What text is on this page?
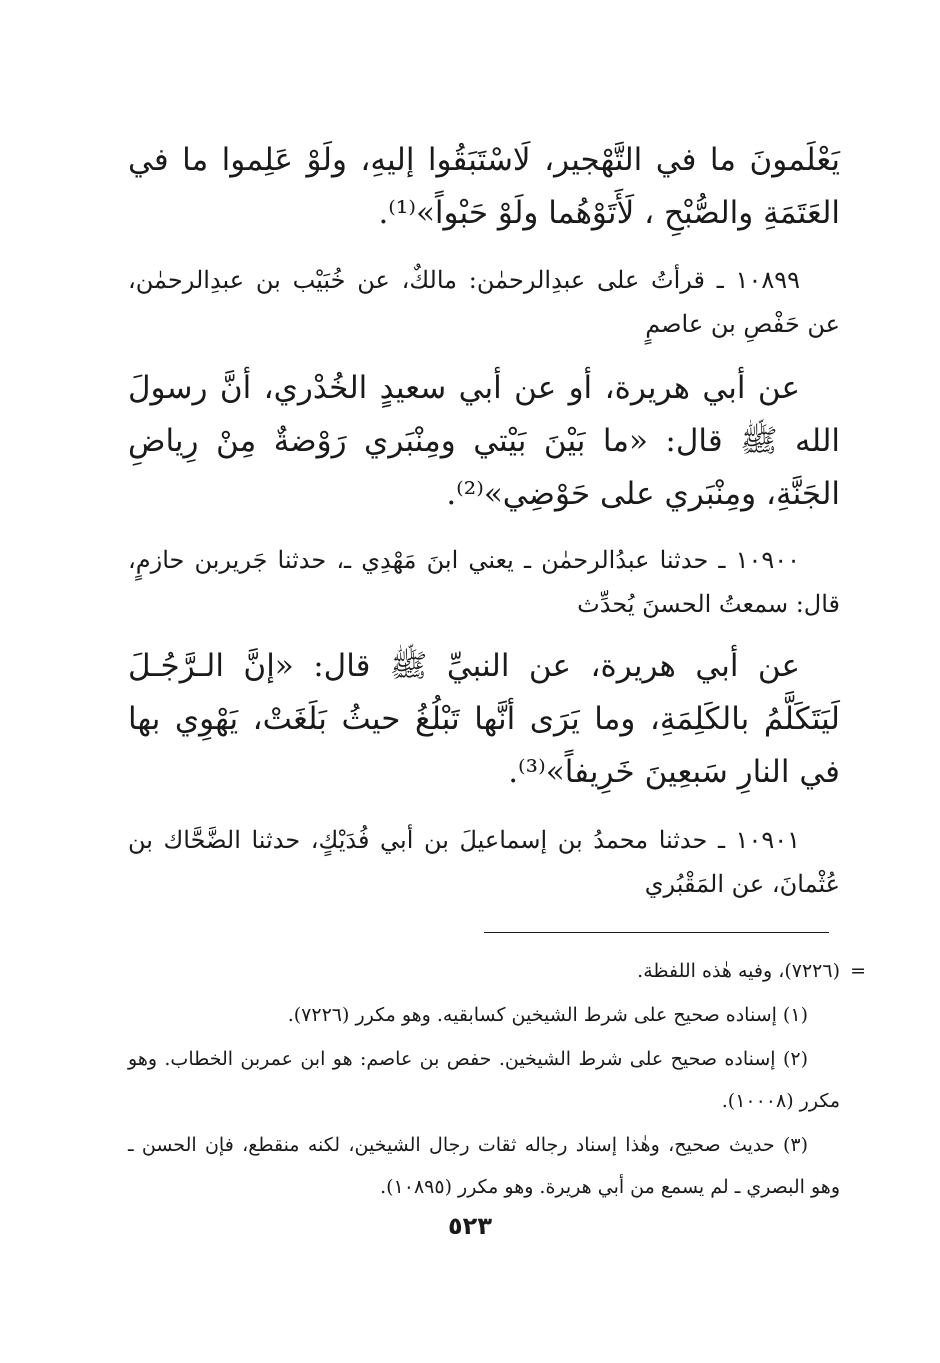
يَعْلَمونَ ما في التَّهْجير، لَاسْتَبَقُوا إليهِ، ولَوْ عَلِموا ما في العَتَمَةِ والصُّبْحِ ، لَأَتَوْهُما ولَوْ حَبْواً»⁽¹⁾.
١٠٨٩٩ ـ قرأتُ على عبدِالرحمٰن: مالكٌ، عن خُبَيْب بن عبدِالرحمٰن، عن حَفْصِ بن عاصمٍ
عن أبي هريرة، أو عن أبي سعيدٍ الخُدْري، أنَّ رسولَ الله ﷺ قال: «ما بَيْنَ بَيْتي ومِنْبَري رَوْضةٌ مِنْ رِياضِ الجَنَّةِ، ومِنْبَري على حَوْضِي»⁽²⁾.
١٠٩٠٠ ـ حدثنا عبدُالرحمٰن ـ يعني ابنَ مَهْدِي ـ، حدثنا جَريربن حازمٍ، قال: سمعتُ الحسنَ يُحدِّث
عن أبي هريرة، عن النبيِّ ﷺ قال: «إنَّ الـرَّجُـلَ لَيَتَكَلَّمُ بالكَلِمَةِ، وما يَرَى أنَّها تَبْلُغُ حيثُ بَلَغَتْ، يَهْوِي بها في النارِ سَبعِينَ خَرِيفاً»⁽³⁾.
١٠٩٠١ ـ حدثنا محمدُ بن إسماعيلَ بن أبي فُدَيْكٍ، حدثنا الضَّحَّاك بن عُثْمانَ، عن المَقْبُري
=
(٧٢٢٦)، وفيه هٰذه اللفظة.
(١) إسناده صحيح على شرط الشيخين كسابقيه. وهو مكرر (٧٢٢٦).
(٢) إسناده صحيح على شرط الشيخين. حفص بن عاصم: هو ابن عمربن الخطاب. وهو مكرر (١٠٠٠٨).
(٣) حديث صحيح، وهٰذا إسناد رجاله ثقات رجال الشيخين، لكنه منقطع، فإن الحسن ـ وهو البصري ـ لم يسمع من أبي هريرة. وهو مكرر (١٠٨٩٥).
٥٢٣
